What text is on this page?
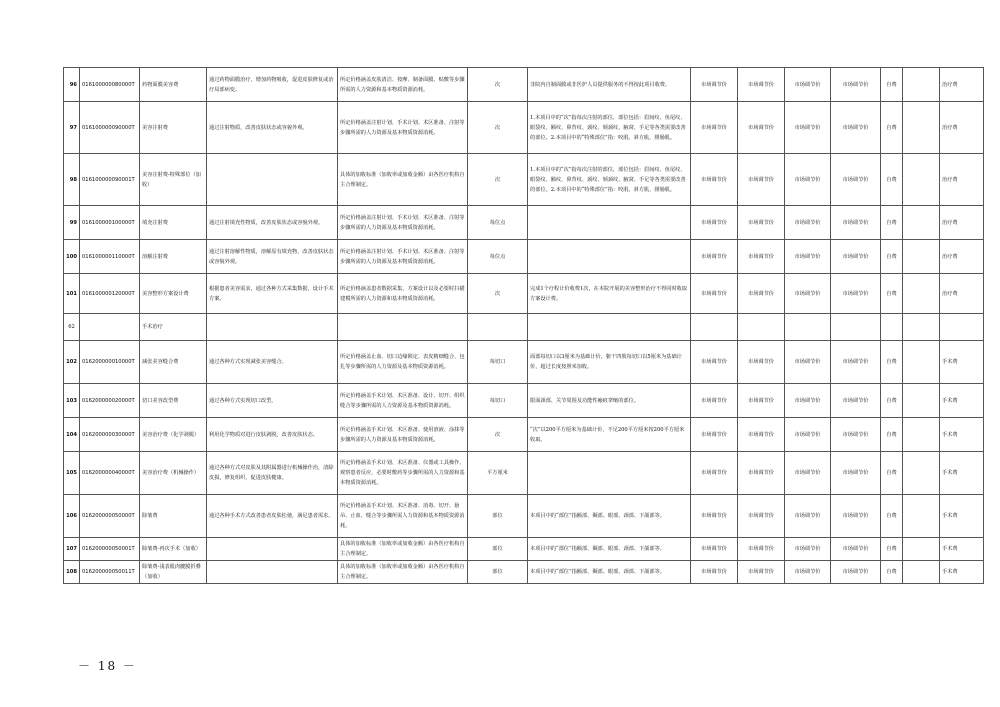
96	016100000080000T	药物面膜美容费	通过药物面膜治疗，增加药物吸收，促进皮肤修复或治疗局部病变。	所定价格涵盖皮肤清洁、按摩、制备面膜、贴敷等步骤所需的人力资源和基本物质资源消耗。	次	非院内自制面膜或非医护人员提供服务的不得按此项目收费。	市场调节价	市场调节价	市场调节价	市场调节价	自费		治疗费
97	016100000090000T	美容注射费	通过注射物质，改善皮肤状态或容貌外观。	所定价格涵盖注射计划、手术计划、术区准备、注射等步骤所需的人力资源及基本物质资源消耗。	次	1.本项目中的“次”指每次注射的部位，部位包括：眉间纹、鱼尾纹、眼袋纹、额纹、鼻背纹、颈纹、颏颈纹、腋窝、手足等各类需要改善的部位。2.本项目中的“特殊部位”指：咬肌、斜方肌、腓肠肌。	市场调节价	市场调节价	市场调节价	市场调节价	自费		治疗费
98	016100000090001T	美容注射费-特殊部位（加收）		具体的加收标准（加收率或加收金额）由各医疗机构自主合理制定。	次	1.本项目中的“次”指每次注射的部位，部位包括：眉间纹、鱼尾纹、眼袋纹、额纹、鼻背纹、颈纹、颏颈纹、腋窝、手足等各类需要改善的部位。2.本项目中的“特殊部位”指：咬肌、斜方肌、腓肠肌。	市场调节价	市场调节价	市场调节价	市场调节价	自费		治疗费
99	016100000100000T	填充注射费	通过注射填充性物质，改善皮肤状态或容貌外观。	所定价格涵盖注射计划、手术计划、术区准备、注射等步骤所需的人力资源及基本物质资源消耗。	每位点		市场调节价	市场调节价	市场调节价	市场调节价	自费		治疗费
100	016100000110000T	溶解注射费	通过注射溶解性物质，溶解原有填充物，改善皮肤状态或容貌外观。	所定价格涵盖注射计划、手术计划、术区准备、注射等步骤所需的人力资源及基本物质资源消耗。	每位点		市场调节价	市场调节价	市场调节价	市场调节价	自费		治疗费
101	016100000120000T	美容整形方案设计费	根据患者美容需求，通过各种方式采集数据，设计手术方案。	所定价格涵盖患者数据采集、方案设计以及必要时扫描建模所需的人力资源和基本物质资源消耗。	次	完成1个疗程计价收费1次，在本院开展的美容整形治疗不得同时收取方案设计费。	市场调节价	市场调节价	市场调节价	市场调节价	自费		治疗费
62		手术治疗											
102	016200000010000T	减张美容缝合费	通过各种方式实现减张美容缝合。	所定价格涵盖止血、切口边缘锁定、表皮精细缝合、包扎等步骤所需的人力资源及基本物质资源消耗。	每切口	面部每切口以3厘米为基础计价，躯干四肢每切口以5厘米为基础计价，超过长度按照米加收。	市场调节价	市场调节价	市场调节价	市场调节价	自费		手术费
103	016200000020000T	切口美容改型费	通过各种方式实现切口改型。	所定价格涵盖手术计划、术区准备、设计、切开、组织缝合等步骤所需的人力资源及基本物质资源消耗。	每切口	限面颈部、关节周围及功能性瘢痕挛缩的部位。	市场调节价	市场调节价	市场调节价	市场调节价	自费		手术费
104	016200000030000T	美容治疗费（化学剥脱）	利用化学物质对进行皮肤剥脱，改善皮肤状态。	所定价格涵盖手术计划、术区准备、使用溶液、涂抹等步骤所需的人力资源及基本物质资源消耗。	次	“次”以200平方厘米为基础计价，不足200平方厘米按200平方厘米收取。	市场调节价	市场调节价	市场调节价	市场调节价	自费		手术费
105	016200000040000T	美容治疗费（机械操作）	通过各种方式对皮肤及其附属器进行机械操作治，清除皮损，修复组织，促进皮肤健康。	所定价格涵盖手术计划、术区准备、仪器或工具操作、观察患者反应，必要时敷药等步骤所需的人力资源和基本物质资源消耗。	平方厘米		市场调节价	市场调节价	市场调节价	市场调节价	自费		手术费
106	016200000050000T	除皱费	通过各种手术方式改善患者皮肤松弛，满足患者需求。	所定价格涵盖手术计划、术区准备、消毒、切开、悬吊、止血、缝合等步骤所需人力资源和基本物质资源消耗。	部位	本项目中的“部位”指额部、颞部、眼部、颈部、下颌部等。	市场调节价	市场调节价	市场调节价	市场调节价	自费		手术费
107	016200000050001T	除皱费-再次手术（加收）		具体的加收标准（加收率或加收金额）由各医疗机构自主合理制定。	部位	本项目中的“部位”指额部、颞部、眼部、颈部、下颌部等。	市场调节价	市场调节价	市场调节价	市场调节价	自费		手术费
108	016200000050011T	除皱费-浅表肌肉腱膜折叠（加收）		具体的加收标准（加收率或加收金额）由各医疗机构自主合理制定。	部位	本项目中的“部位”指额部、颞部、眼部、颈部、下颌部等。	市场调节价	市场调节价	市场调节价	市场调节价	自费		手术费
－ 18 －
